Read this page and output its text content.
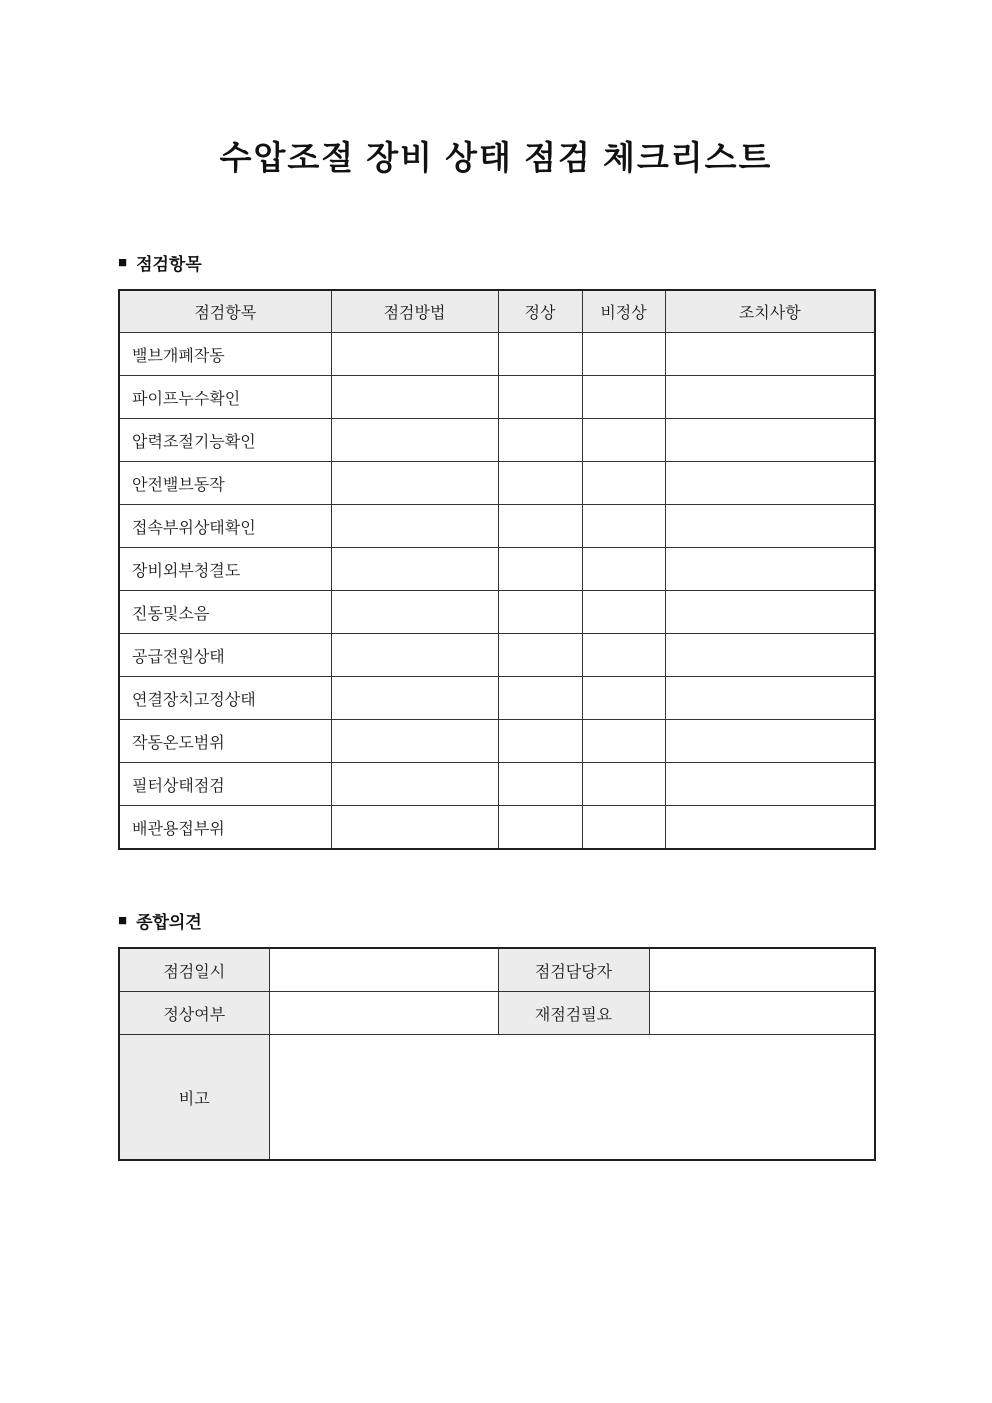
수압조절 장비 상태 점검 체크리스트
■ 점검항목
점검항목	점검방법	정상	비정상	조치사항
밸브개폐작동				
파이프누수확인				
압력조절기능확인				
안전밸브동작				
접속부위상태확인				
장비외부청결도				
진동및소음				
공급전원상태				
연결장치고정상태				
작동온도범위				
필터상태점검				
배관용접부위				
■ 종합의견
점검일시		점검담당자	
정상여부		재점검필요	
비고			
